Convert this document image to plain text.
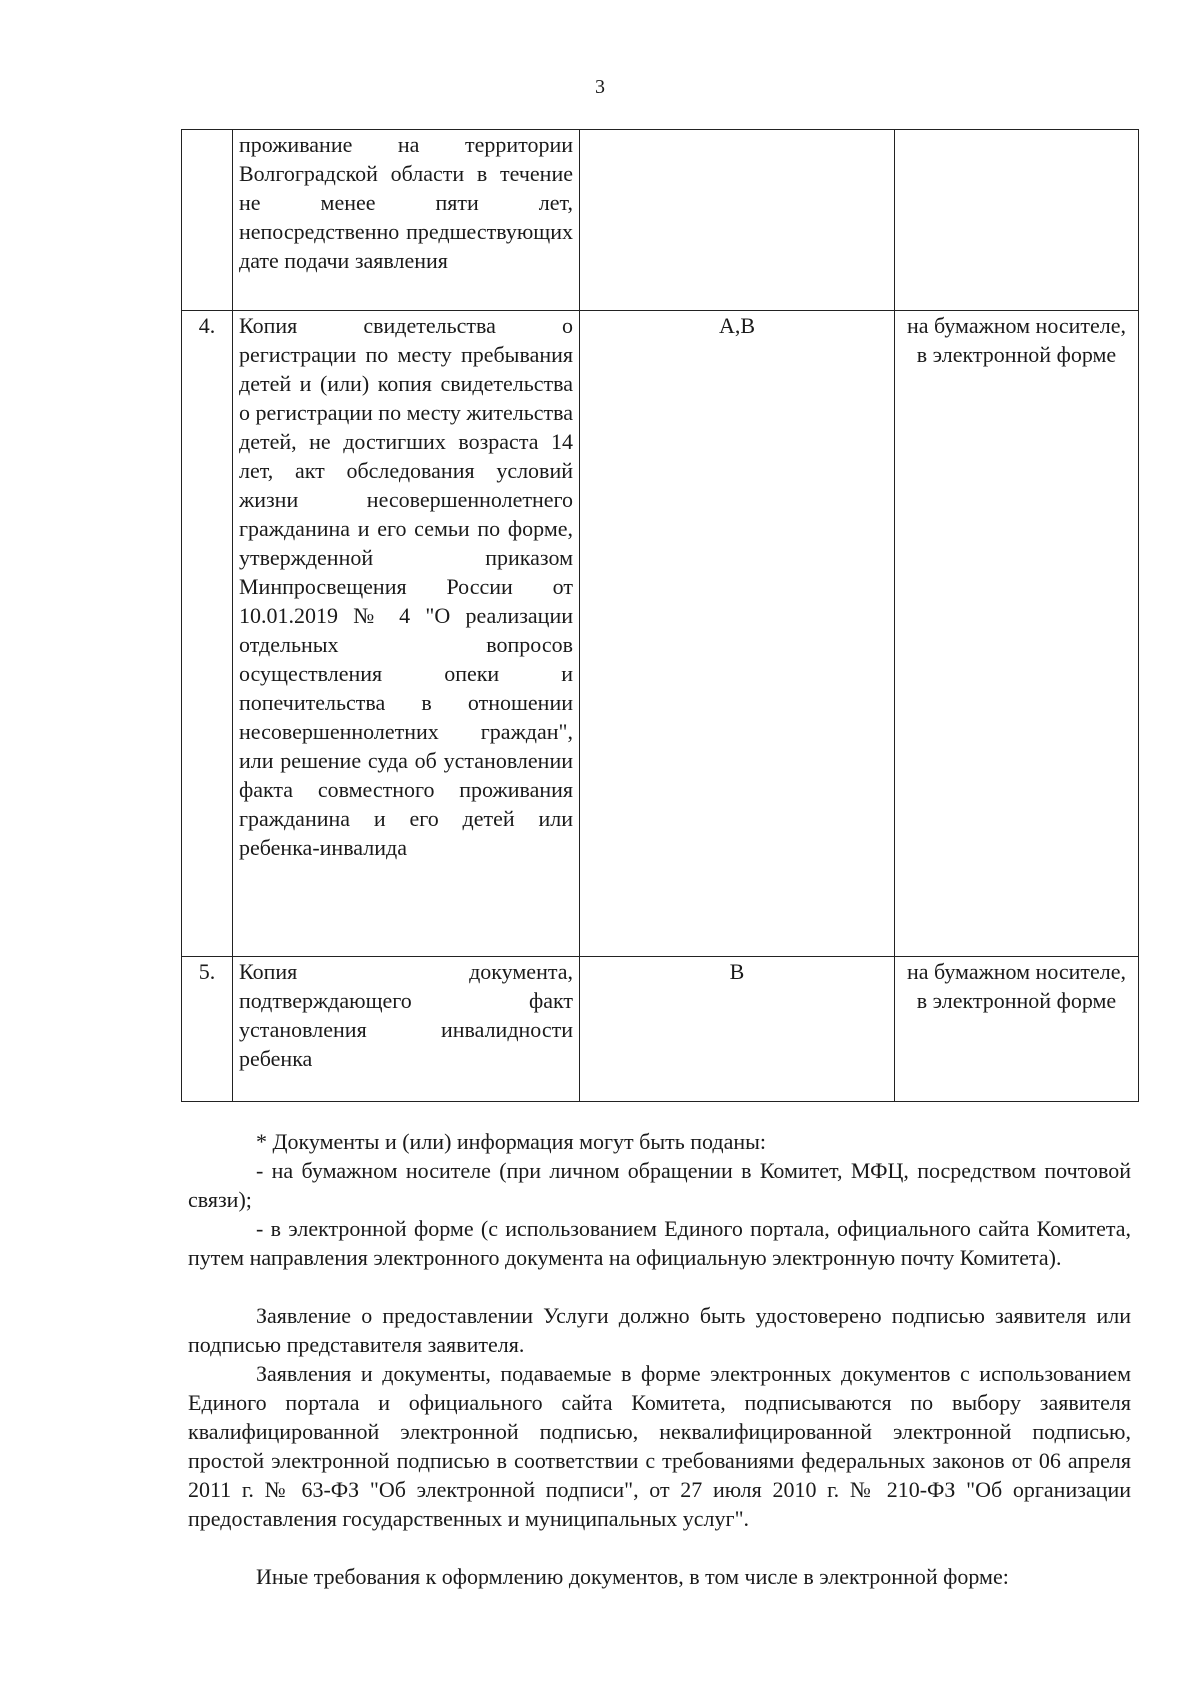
3
	проживание на территории Волгоградской области в течение не менее пяти лет, непосредственно предшествующих дате подачи заявления		
4.	Копия свидетельства о регистрации по месту пребывания детей и (или) копия свидетельства о регистрации по месту жительства детей, не достигших возраста 14 лет, акт обследования условий жизни несовершеннолетнего гражданина и его семьи по форме, утвержденной приказом Минпросвещения России от 10.01.2019 № 4 "О реализации отдельных вопросов осуществления опеки и попечительства в отношении несовершеннолетних граждан", или решение суда об установлении факта совместного проживания гражданина и его детей или ребенка-инвалида	А,В	на бумажном носителе, в электронной форме
5.	Копия документа, подтверждающего факт установления инвалидности ребенка	В	на бумажном носителе, в электронной форме

* Документы и (или) информация могут быть поданы:

- на бумажном носителе (при личном обращении в Комитет, МФЦ, посредством почтовой связи);

- в электронной форме (с использованием Единого портала, официального сайта Комитета, путем направления электронного документа на официальную электронную почту Комитета).

Заявление о предоставлении Услуги должно быть удостоверено подписью заявителя или подписью представителя заявителя.

Заявления и документы, подаваемые в форме электронных документов с использованием Единого портала и официального сайта Комитета, подписываются по выбору заявителя квалифицированной электронной подписью, неквалифицированной электронной подписью, простой электронной подписью в соответствии с требованиями федеральных законов от 06 апреля 2011 г. № 63-ФЗ "Об электронной подписи", от 27 июля 2010 г. № 210-ФЗ "Об организации предоставления государственных и муниципальных услуг".

Иные требования к оформлению документов, в том числе в электронной форме:
